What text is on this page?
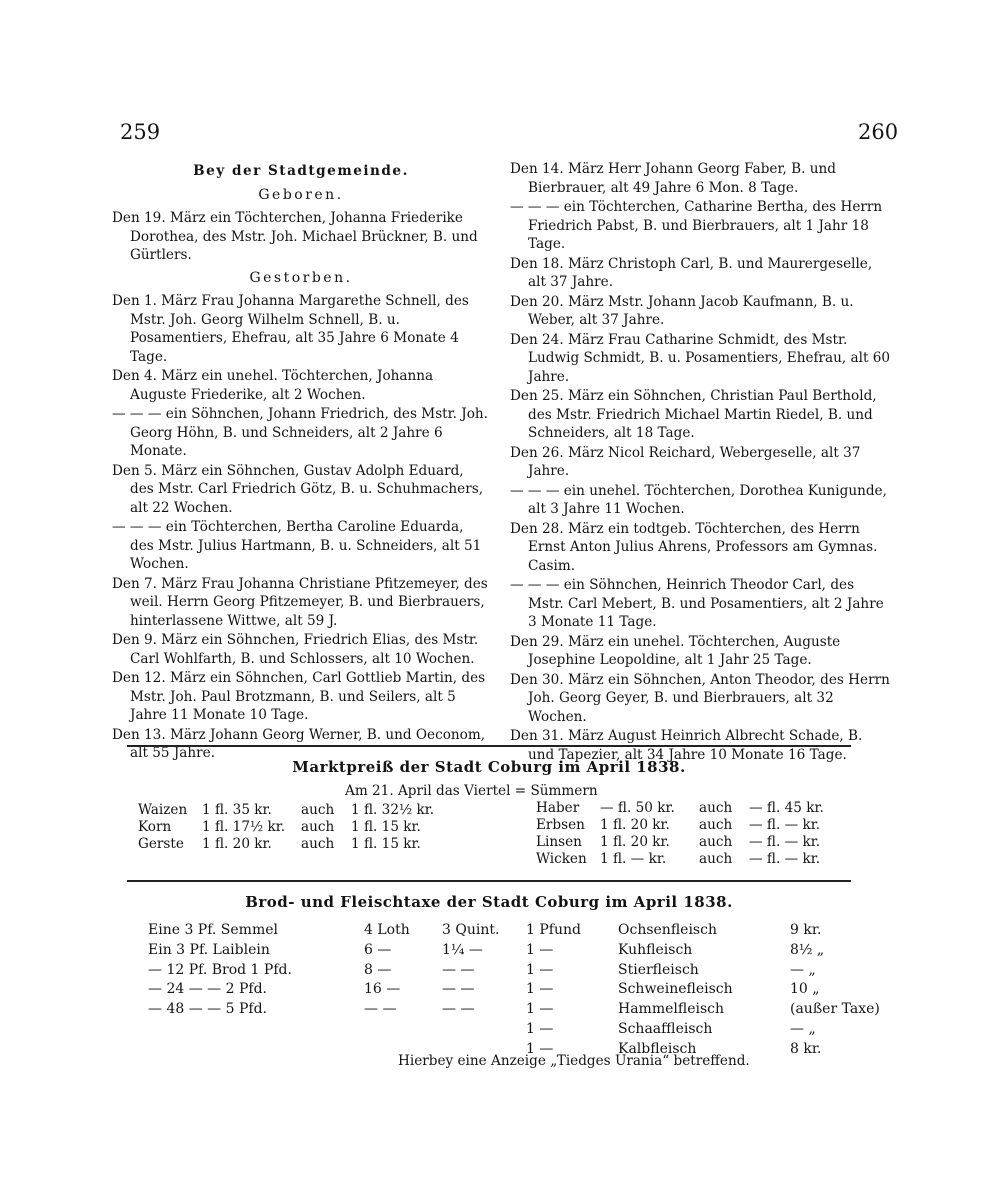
259	260

Bey der Stadtgemeinde.

Geboren.

Den 19. März ein Töchterchen, Johanna Friederike Dorothea, des Mstr. Joh. Michael Brückner, B. und Gürtlers.

Gestorben.

Den 1. März Frau Johanna Margarethe Schnell, des Mstr. Joh. Georg Wilhelm Schnell, B. u. Posamentiers, Ehefrau, alt 35 Jahre 6 Monate 4 Tage.

Den 4. März ein unehel. Töchterchen, Johanna Auguste Friederike, alt 2 Wochen.

— — — ein Söhnchen, Johann Friedrich, des Mstr. Joh. Georg Höhn, B. und Schneiders, alt 2 Jahre 6 Monate.

Den 5. März ein Söhnchen, Gustav Adolph Eduard, des Mstr. Carl Friedrich Götz, B. u. Schuhmachers, alt 22 Wochen.

— — — ein Töchterchen, Bertha Caroline Eduarda, des Mstr. Julius Hartmann, B. u. Schneiders, alt 51 Wochen.

Den 7. März Frau Johanna Christiane Pfitzemeyer, des weil. Herrn Georg Pfitzemeyer, B. und Bierbrauers, hinterlassene Wittwe, alt 59 J.

Den 9. März ein Söhnchen, Friedrich Elias, des Mstr. Carl Wohlfarth, B. und Schlossers, alt 10 Wochen.

Den 12. März ein Söhnchen, Carl Gottlieb Martin, des Mstr. Joh. Paul Brotzmann, B. und Seilers, alt 5 Jahre 11 Monate 10 Tage.

Den 13. März Johann Georg Werner, B. und Oeconom, alt 55 Jahre.

Den 14. März Herr Johann Georg Faber, B. und Bierbrauer, alt 49 Jahre 6 Mon. 8 Tage.

— — — ein Töchterchen, Catharine Bertha, des Herrn Friedrich Pabst, B. und Bierbrauers, alt 1 Jahr 18 Tage.

Den 18. März Christoph Carl, B. und Maurergeselle, alt 37 Jahre.

Den 20. März Mstr. Johann Jacob Kaufmann, B. u. Weber, alt 37 Jahre.

Den 24. März Frau Catharine Schmidt, des Mstr. Ludwig Schmidt, B. u. Posamentiers, Ehefrau, alt 60 Jahre.

Den 25. März ein Söhnchen, Christian Paul Berthold, des Mstr. Friedrich Michael Martin Riedel, B. und Schneiders, alt 18 Tage.

Den 26. März Nicol Reichard, Webergeselle, alt 37 Jahre.

— — — ein unehel. Töchterchen, Dorothea Kunigunde, alt 3 Jahre 11 Wochen.

Den 28. März ein todtgeb. Töchterchen, des Herrn Ernst Anton Julius Ahrens, Professors am Gymnas. Casim.

— — — ein Söhnchen, Heinrich Theodor Carl, des Mstr. Carl Mebert, B. und Posamentiers, alt 2 Jahre 3 Monate 11 Tage.

Den 29. März ein unehel. Töchterchen, Auguste Josephine Leopoldine, alt 1 Jahr 25 Tage.

Den 30. März ein Söhnchen, Anton Theodor, des Herrn Joh. Georg Geyer, B. und Bierbrauers, alt 32 Wochen.

Den 31. März August Heinrich Albrecht Schade, B. und Tapezier, alt 34 Jahre 10 Monate 16 Tage.

Marktpreiß der Stadt Coburg im April 1838.
Am 21. April das Viertel = Sümmern
Waizen	1 fl. 35 kr.	auch	1 fl. 32½ kr.
Korn	1 fl. 17½ kr.	auch	1 fl. 15 kr.
Gerste	1 fl. 20 kr.	auch	1 fl. 15 kr.
Haber	— fl. 50 kr.	auch	— fl. 45 kr.
Erbsen	1 fl. 20 kr.	auch	— fl. — kr.
Linsen	1 fl. 20 kr.	auch	— fl. — kr.
Wicken	1 fl. — kr.	auch	— fl. — kr.
Brod- und Fleischtaxe der Stadt Coburg im April 1838.
Eine 3 Pf. Semmel	4 Loth	3 Quint.	1 Pfund	Ochsenfleisch	9 kr.
Ein 3 Pf. Laiblein	6 —	1¼ —	1 —	Kuhfleisch	8½ „
— 12 Pf. Brod 1 Pfd.	8 —	— —	1 —	Stierfleisch	— „
— 24 — — 2 Pfd.	16 —	— —	1 —	Schweinefleisch	10 „
— 48 — — 5 Pfd.	— —	— —	1 —	Hammelfleisch	(außer Taxe)
			1 —	Schaaffleisch	— „
			1 —	Kalbfleisch	8 kr.
Hierbey eine Anzeige „Tiedges Urania“ betreffend.
